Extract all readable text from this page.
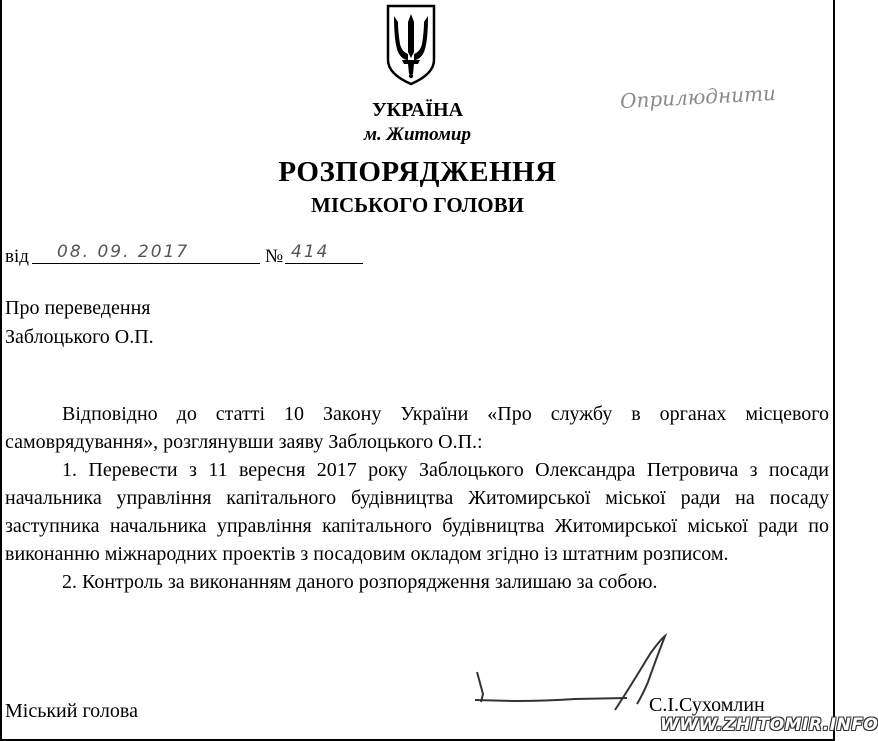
Оприлюднити
УКРАЇНА
м. Житомир
РОЗПОРЯДЖЕННЯ
МІСЬКОГО ГОЛОВИ
від	08. 09. 2017	№ 414
Про переведення
Заблоцького О.П.

Відповідно до статті 10 Закону України «Про службу в органах місцевого самоврядування», розглянувши заяву Заблоцького О.П.:

1. Перевести з 11 вересня 2017 року Заблоцького Олександра Петровича з посади начальника управління капітального будівництва Житомирської міської ради на посаду заступника начальника управління капітального будівництва Житомирської міської ради по виконанню міжнародних проектів з посадовим окладом згідно із штатним розписом.

2. Контроль за виконанням даного розпорядження залишаю за собою.

Міський голова	С.І.Сухомлин
WWW.ZHITOMIR.INFO
